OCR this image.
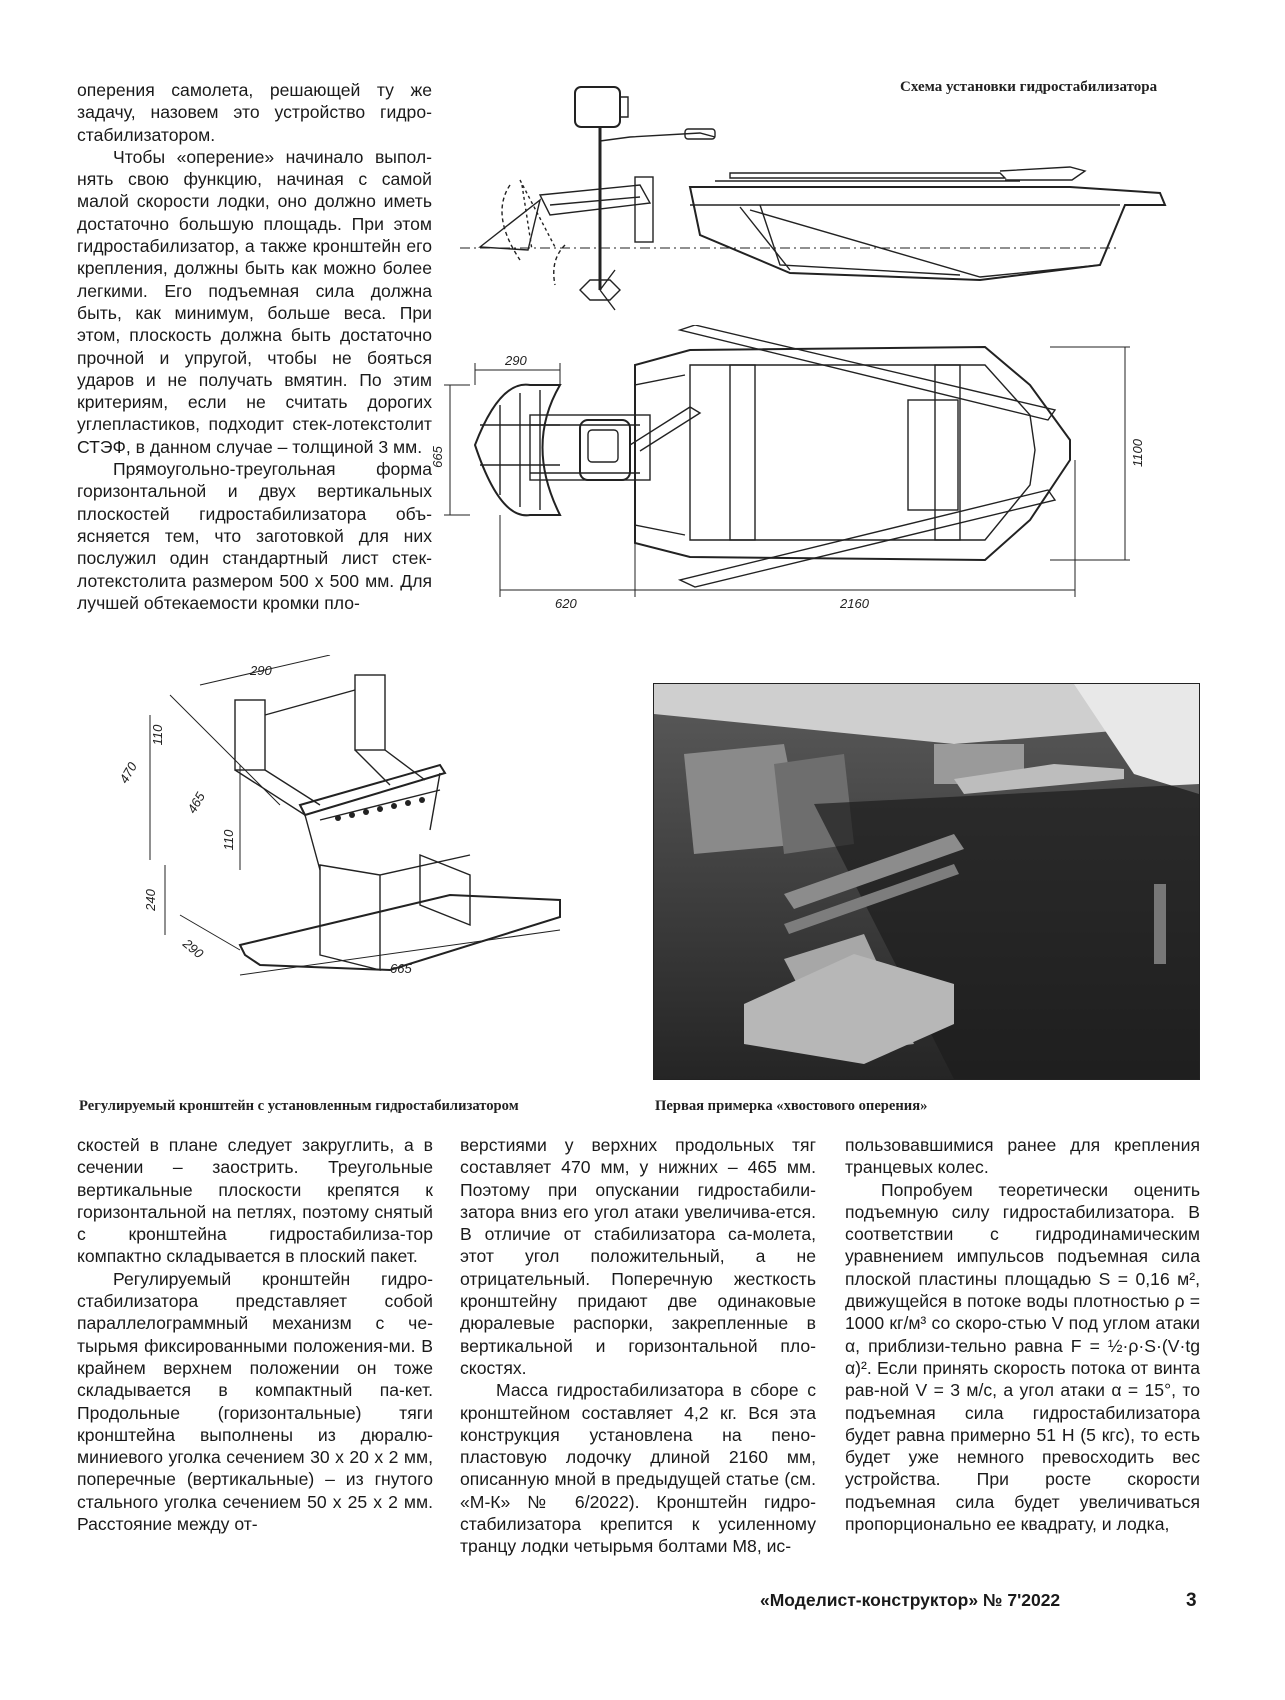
оперения самолета, решающей ту же задачу, назовем это устройство гидро-стабилизатором.

Чтобы «оперение» начинало выпол-нять свою функцию, начиная с самой малой скорости лодки, оно должно иметь достаточно большую площадь. При этом гидростабилизатор, а также кронштейн его крепления, должны быть как можно более легкими. Его подъемная сила должна быть, как минимум, больше веса. При этом, плоскость должна быть достаточно прочной и упругой, чтобы не бояться ударов и не получать вмятин. По этим критериям, если не считать дорогих углепластиков, подходит стек-лотекстолит СТЭФ, в данном случае – толщиной 3 мм.

Прямоугольно-треугольная форма горизонтальной и двух вертикальных плоскостей гидростабилизатора объ-ясняется тем, что заготовкой для них послужил один стандартный лист стек-лотекстолита размером 500 x 500 мм. Для лучшей обтекаемости кромки пло-

Схема установки гидростабилизатора
290
665	1100
620	2160
290
110
470
465
110
240
290
665
Регулируемый кронштейн с установленным гидростабилизатором	Первая примерка «хвостового оперения»

скостей в плане следует закруглить, а в сечении – заострить. Треугольные вертикальные плоскости крепятся к горизонтальной на петлях, поэтому снятый с кронштейна гидростабилиза-тор компактно складывается в плоский пакет.

Регулируемый кронштейн гидро-стабилизатора представляет собой параллелограммный механизм с че-тырьмя фиксированными положения-ми. В крайнем верхнем положении он тоже складывается в компактный па-кет. Продольные (горизонтальные) тяги кронштейна выполнены из дюралю-миниевого уголка сечением 30 x 20 x 2 мм, поперечные (вертикальные) – из гнутого стального уголка сечением 50 x 25 x 2 мм. Расстояние между от-

верстиями у верхних продольных тяг составляет 470 мм, у нижних – 465 мм. Поэтому при опускании гидростабили-затора вниз его угол атаки увеличива-ется. В отличие от стабилизатора са-молета, этот угол положительный, а не отрицательный. Поперечную жесткость кронштейну придают две одинаковые дюралевые распорки, закрепленные в вертикальной и горизонтальной пло-скостях.

Масса гидростабилизатора в сборе с кронштейном составляет 4,2 кг. Вся эта конструкция установлена на пено-пластовую лодочку длиной 2160 мм, описанную мной в предыдущей статье (см. «М-К» № 6/2022). Кронштейн гидро-стабилизатора крепится к усиленному транцу лодки четырьмя болтами М8, ис-

пользовавшимися ранее для крепления транцевых колес.

Попробуем теоретически оценить подъемную силу гидростабилизатора. В соответствии с гидродинамическим уравнением импульсов подъемная сила плоской пластины площадью S = 0,16 м², движущейся в потоке воды плотностью ρ = 1000 кг/м³ со скоро-стью V под углом атаки α, приблизи-тельно равна F = ½·ρ·S·(V·tg α)². Если принять скорость потока от винта рав-ной V = 3 м/с, а угол атаки α = 15°, то подъемная сила гидростабилизатора будет равна примерно 51 Н (5 кгс), то есть будет уже немного превосходить вес устройства. При росте скорости подъемная сила будет увеличиваться пропорционально ее квадрату, и лодка,

«Моделист-конструктор» № 7'2022	3
